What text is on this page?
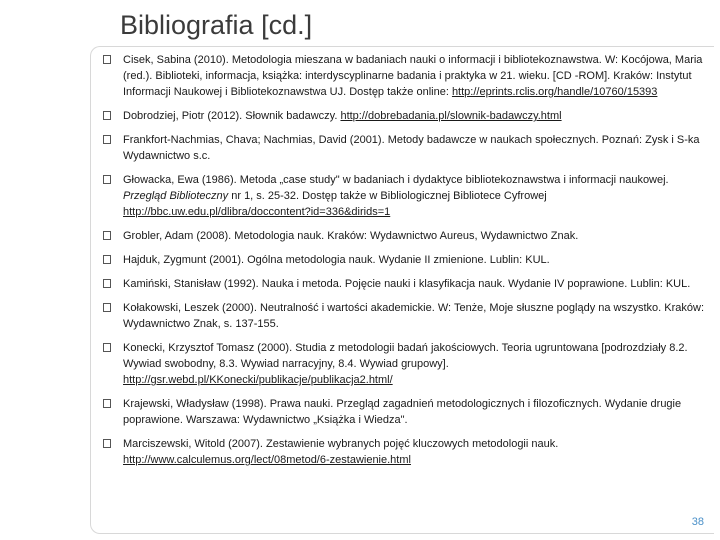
Bibliografia [cd.]
Cisek, Sabina (2010). Metodologia mieszana w badaniach nauki o informacji i bibliotekoznawstwa. W: Kocójowa, Maria (red.). Biblioteki, informacja, książka: interdyscyplinarne badania i praktyka w 21. wieku. [CD -ROM]. Kraków: Instytut Informacji Naukowej i Bibliotekoznawstwa UJ. Dostęp także online: http://eprints.rclis.org/handle/10760/15393
Dobrodziej, Piotr (2012). Słownik badawczy. http://dobrebadania.pl/slownik-badawczy.html
Frankfort-Nachmias, Chava; Nachmias, David (2001). Metody badawcze w naukach społecznych. Poznań: Zysk i S-ka Wydawnictwo s.c.
Głowacka, Ewa (1986). Metoda „case study" w badaniach i dydaktyce bibliotekoznawstwa i informacji naukowej. Przegląd Biblioteczny nr 1, s. 25-32. Dostęp także w Bibliologicznej Bibliotece Cyfrowej http://bbc.uw.edu.pl/dlibra/doccontent?id=336&dirids=1
Grobler, Adam (2008). Metodologia nauk. Kraków: Wydawnictwo Aureus, Wydawnictwo Znak.
Hajduk, Zygmunt (2001). Ogólna metodologia nauk. Wydanie II zmienione. Lublin: KUL.
Kamiński, Stanisław (1992). Nauka i metoda. Pojęcie nauki i klasyfikacja nauk. Wydanie IV poprawione. Lublin: KUL.
Kołakowski, Leszek (2000). Neutralność i wartości akademickie. W: Tenże, Moje słuszne poglądy na wszystko. Kraków: Wydawnictwo Znak, s. 137-155.
Konecki, Krzysztof Tomasz (2000). Studia z metodologii badań jakościowych. Teoria ugruntowana [podrozdziały 8.2. Wywiad swobodny, 8.3. Wywiad narracyjny, 8.4. Wywiad grupowy]. http://gsr.webd.pl/KKonecki/publikacje/publikacja2.html/
Krajewski, Władysław (1998). Prawa nauki. Przegląd zagadnień metodologicznych i filozoficznych. Wydanie drugie poprawione. Warszawa: Wydawnictwo „Książka i Wiedza".
Marciszewski, Witold (2007). Zestawienie wybranych pojęć kluczowych metodologii nauk. http://www.calculemus.org/lect/08metod/6-zestawienie.html
38
